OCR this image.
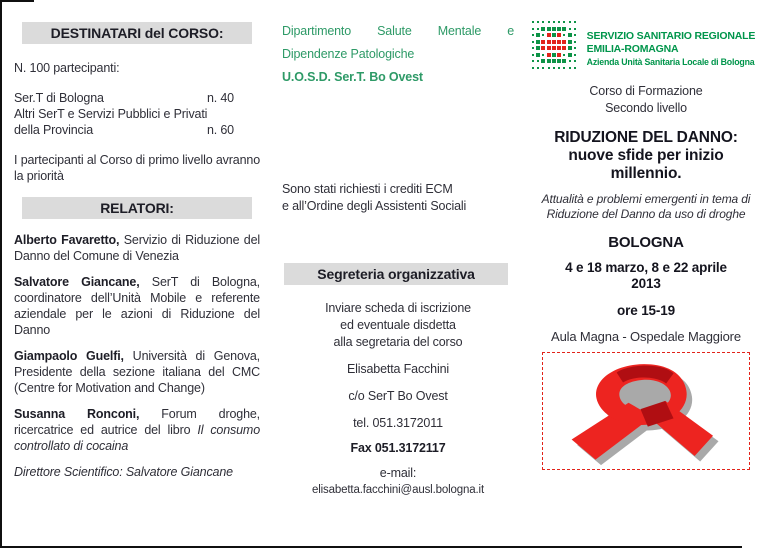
DESTINATARI del CORSO:
N. 100 partecipanti:
Ser.T di Bologna	n. 40
Altri SerT e Servizi Pubblici e Privati
della Provincia	n. 60
I partecipanti al Corso di primo livello avranno la priorità
RELATORI:
Alberto Favaretto, Servizio di Riduzione del Danno del Comune di Venezia
Salvatore Giancane, SerT di Bologna, coordinatore dell’Unità Mobile e referente aziendale per le azioni di Riduzione del Danno
Giampaolo Guelfi, Università di Genova, Presidente della sezione italiana del CMC (Centre for Motivation and Change)
Susanna Ronconi, Forum droghe, ricercatrice ed autrice del libro Il consumo controllato di cocaina
Direttore Scientifico: Salvatore Giancane
Dipartimento Salute Mentale e
Dipendenze Patologiche
U.O.S.D. Ser.T. Bo Ovest
Sono stati richiesti i crediti ECM
e all’Ordine degli Assistenti Sociali
Segreteria organizzativa
Inviare scheda di iscrizione
ed eventuale disdetta
alla segretaria del corso
Elisabetta Facchini
c/o SerT Bo Ovest
tel. 051.3172011
Fax 051.3172117
e-mail:
elisabetta.facchini@ausl.bologna.it
SERVIZIO SANITARIO REGIONALE
EMILIA-ROMAGNA
Azienda Unità Sanitaria Locale di Bologna
Corso di Formazione
Secondo livello
RIDUZIONE DEL DANNO:
nuove sfide per inizio
millennio.
Attualità e problemi emergenti in tema di
Riduzione del Danno da uso di droghe
BOLOGNA
4 e 18 marzo, 8 e 22 aprile
2013
ore 15-19
Aula Magna - Ospedale Maggiore
